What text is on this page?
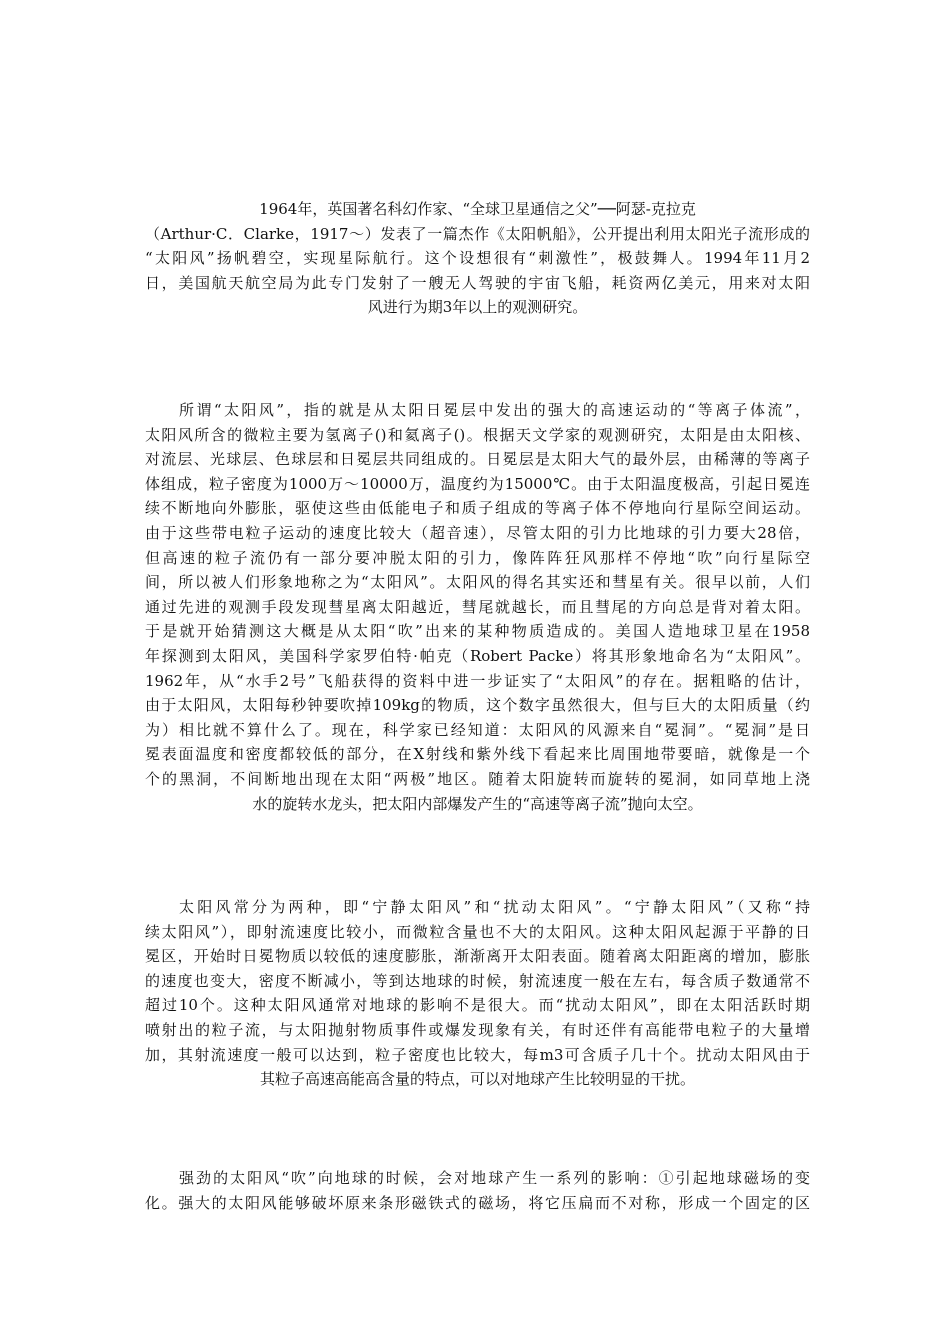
1964年，英国著名科幻作家、“全球卫星通信之父”──阿瑟-克拉克
（Arthur·C．Clarke，1917～）发表了一篇杰作《太阳帆船》，公开提出利用太阳光子流形成的
“太阳风”扬帆碧空，实现星际航行。这个设想很有“刺激性”，极鼓舞人。1994年11月2
日，美国航天航空局为此专门发射了一艘无人驾驶的宇宙飞船，耗资两亿美元，用来对太阳
风进行为期3年以上的观测研究。
所谓“太阳风”，指的就是从太阳日冕层中发出的强大的高速运动的“等离子体流”，
太阳风所含的微粒主要为氢离子()和氦离子()。根据天文学家的观测研究，太阳是由太阳核、
对流层、光球层、色球层和日冕层共同组成的。日冕层是太阳大气的最外层，由稀薄的等离子
体组成，粒子密度为1000万～10000万，温度约为15000℃。由于太阳温度极高，引起日冕连
续不断地向外膨胀，驱使这些由低能电子和质子组成的等离子体不停地向行星际空间运动。
由于这些带电粒子运动的速度比较大（超音速），尽管太阳的引力比地球的引力要大28倍，
但高速的粒子流仍有一部分要冲脱太阳的引力，像阵阵狂风那样不停地“吹”向行星际空
间，所以被人们形象地称之为“太阳风”。太阳风的得名其实还和彗星有关。很早以前，人们
通过先进的观测手段发现彗星离太阳越近，彗尾就越长，而且彗尾的方向总是背对着太阳。
于是就开始猜测这大概是从太阳“吹”出来的某种物质造成的。美国人造地球卫星在1958
年探测到太阳风，美国科学家罗伯特·帕克（Robert Packe）将其形象地命名为“太阳风”。
1962年，从“水手2号”飞船获得的资料中进一步证实了“太阳风”的存在。据粗略的估计，
由于太阳风，太阳每秒钟要吹掉109kg的物质，这个数字虽然很大，但与巨大的太阳质量（约
为）相比就不算什么了。现在，科学家已经知道：太阳风的风源来自“冕洞”。“冕洞”是日
冕表面温度和密度都较低的部分，在X射线和紫外线下看起来比周围地带要暗，就像是一个
个的黑洞，不间断地出现在太阳“两极”地区。随着太阳旋转而旋转的冕洞，如同草地上浇
水的旋转水龙头，把太阳内部爆发产生的“高速等离子流”抛向太空。
太阳风常分为两种，即“宁静太阳风”和“扰动太阳风”。“宁静太阳风”（又称“持
续太阳风”），即射流速度比较小，而微粒含量也不大的太阳风。这种太阳风起源于平静的日
冕区，开始时日冕物质以较低的速度膨胀，渐渐离开太阳表面。随着离太阳距离的增加，膨胀
的速度也变大，密度不断减小，等到达地球的时候，射流速度一般在左右，每含质子数通常不
超过10个。这种太阳风通常对地球的影响不是很大。而“扰动太阳风”，即在太阳活跃时期
喷射出的粒子流，与太阳抛射物质事件或爆发现象有关，有时还伴有高能带电粒子的大量增
加，其射流速度一般可以达到，粒子密度也比较大，每m3可含质子几十个。扰动太阳风由于
其粒子高速高能高含量的特点，可以对地球产生比较明显的干扰。
强劲的太阳风“吹”向地球的时候，会对地球产生一系列的影响：①引起地球磁场的变
化。强大的太阳风能够破坏原来条形磁铁式的磁场，将它压扁而不对称，形成一个固定的区
